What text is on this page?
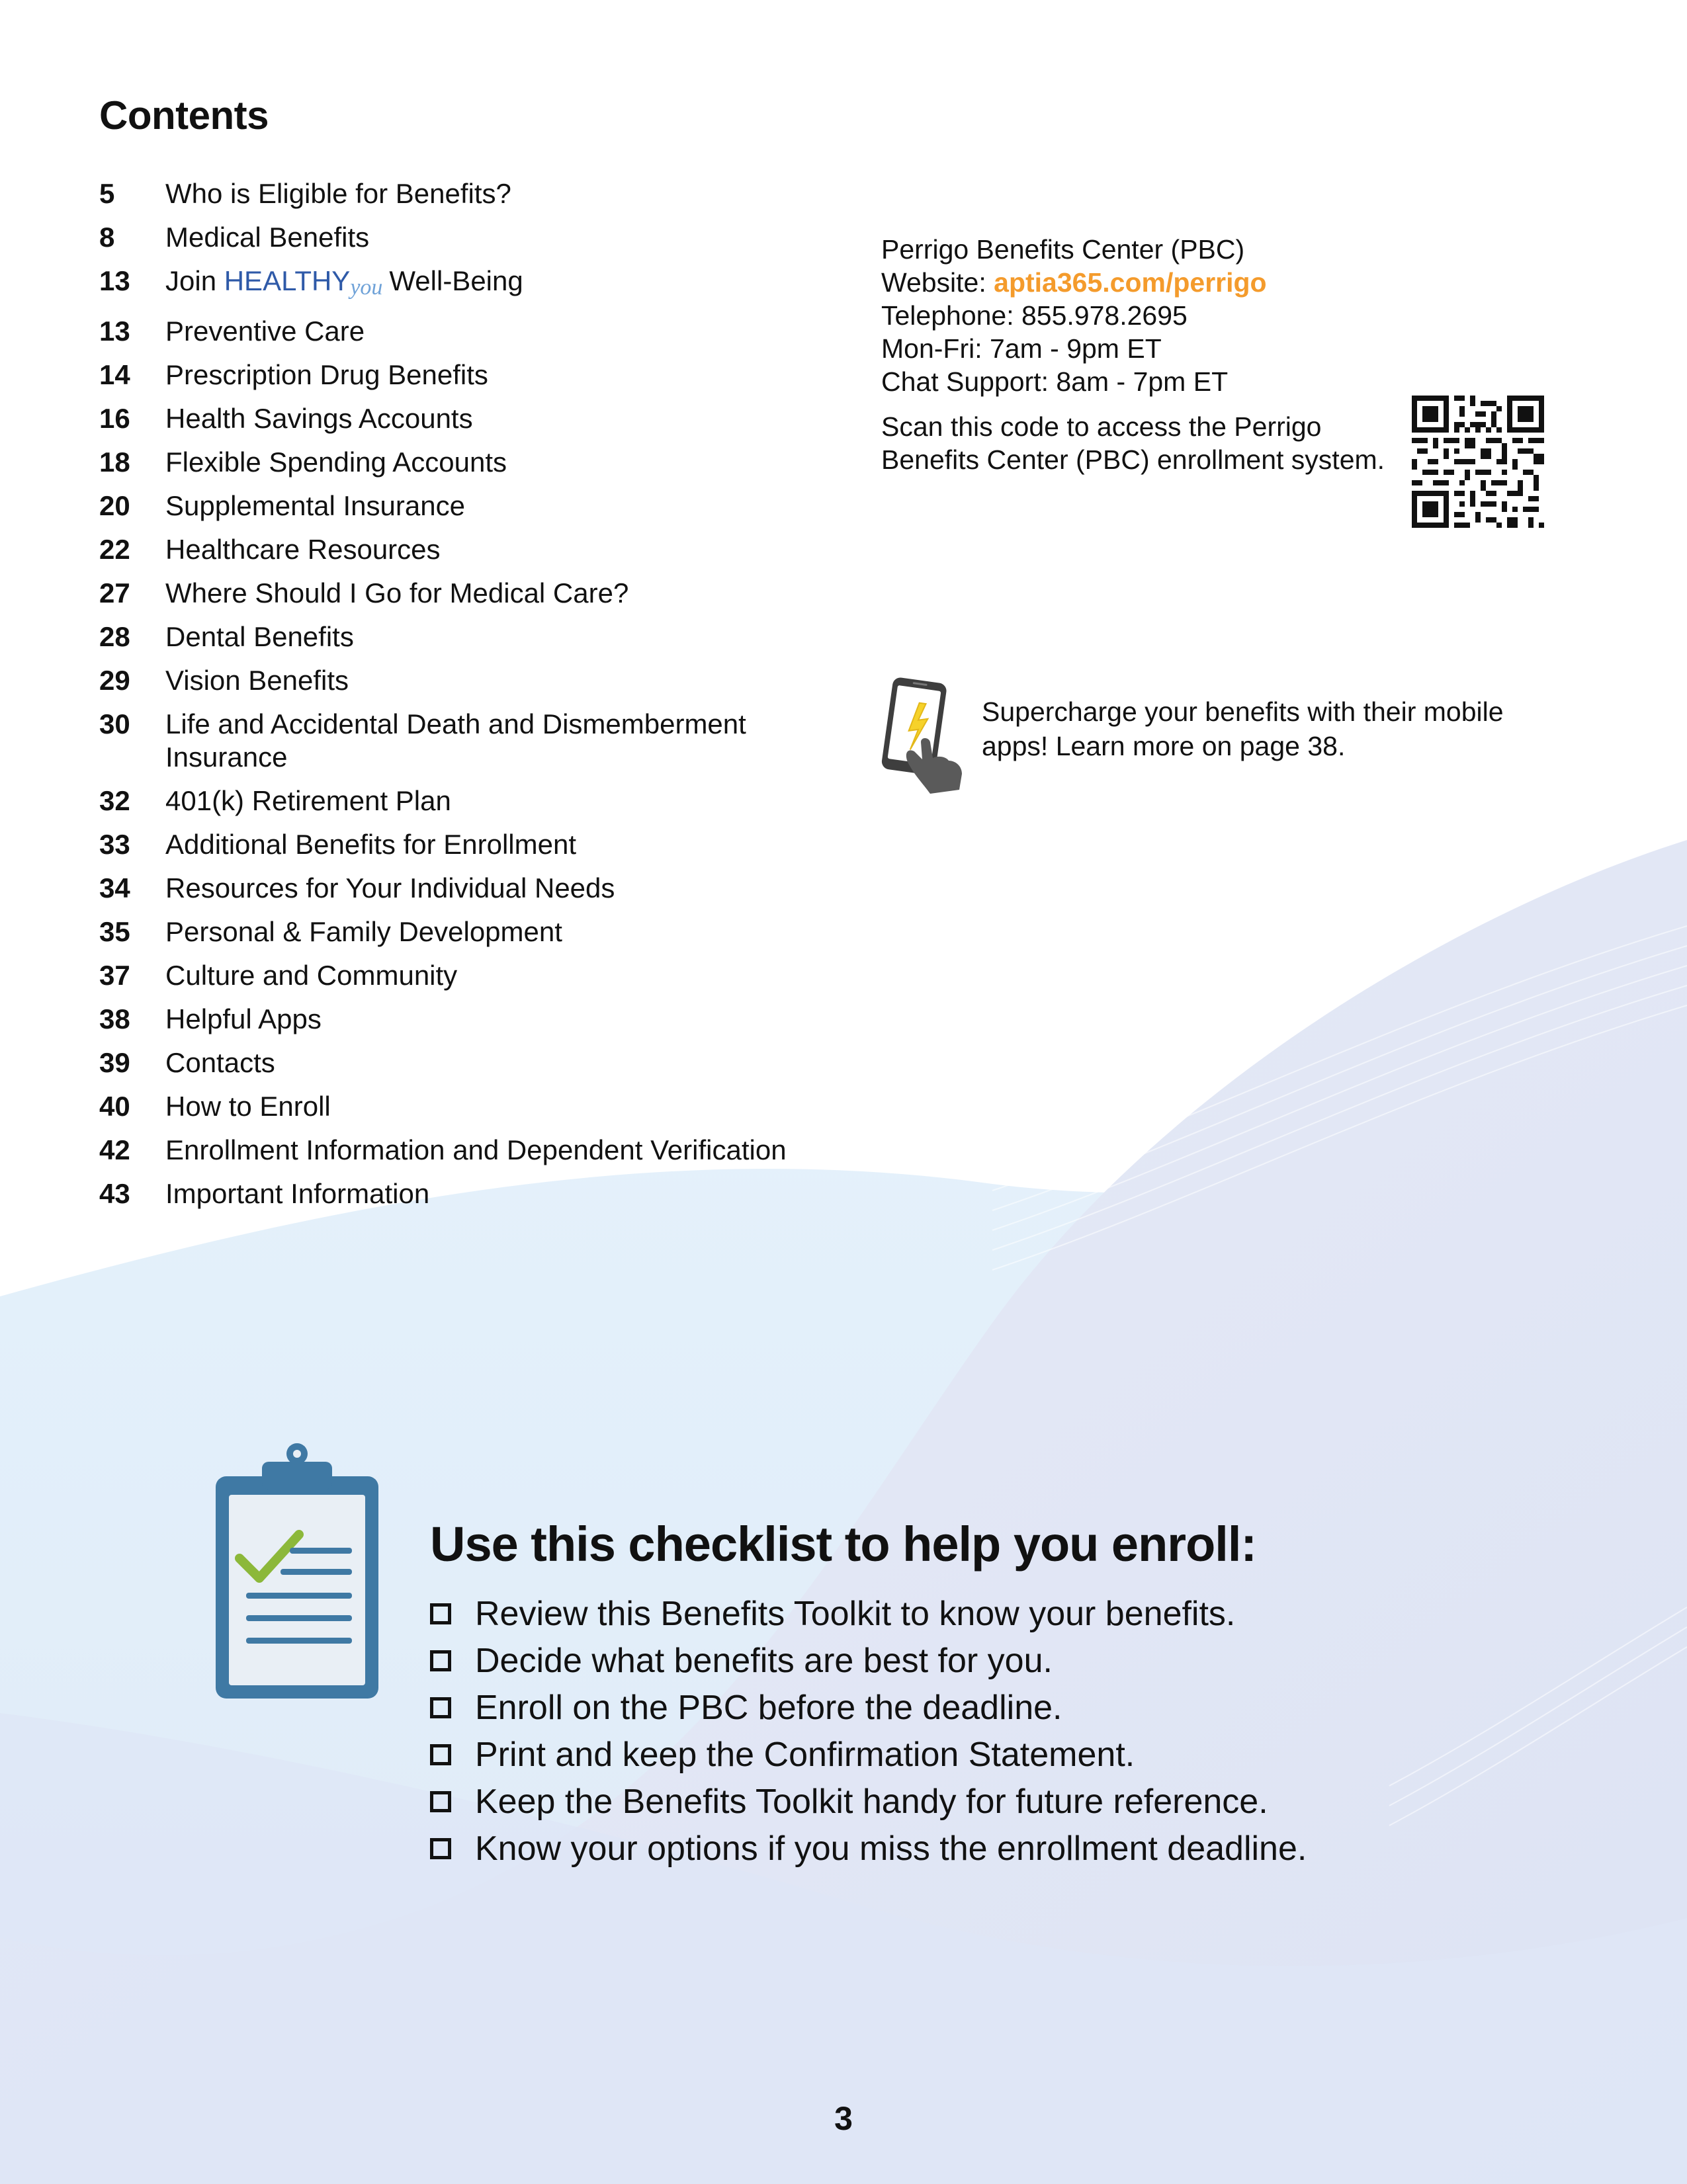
Contents
5	Who is Eligible for Benefits?
8	Medical Benefits
13	Join HEALTHYyou Well-Being
13	Preventive Care
14	Prescription Drug Benefits
16	Health Savings Accounts
18	Flexible Spending Accounts
20	Supplemental Insurance
22	Healthcare Resources
27	Where Should I Go for Medical Care?
28	Dental Benefits
29	Vision Benefits
30	Life and Accidental Death and Dismemberment Insurance
32	401(k) Retirement Plan
33	Additional Benefits for Enrollment
34	Resources for Your Individual Needs
35	Personal & Family Development
37	Culture and Community
38	Helpful Apps
39	Contacts
40	How to Enroll
42	Enrollment Information and Dependent Verification
43	Important Information
Perrigo Benefits Center (PBC)
Website: aptia365.com/perrigo
Telephone: 855.978.2695
Mon-Fri: 7am - 9pm ET
Chat Support: 8am - 7pm ET
Scan this code to access the Perrigo Benefits Center (PBC) enrollment system.
Supercharge your benefits with their mobile apps! Learn more on page 38.
Use this checklist to help you enroll:
Review this Benefits Toolkit to know your benefits.
Decide what benefits are best for you.
Enroll on the PBC before the deadline.
Print and keep the Confirmation Statement.
Keep the Benefits Toolkit handy for future reference.
Know your options if you miss the enrollment deadline.
3
